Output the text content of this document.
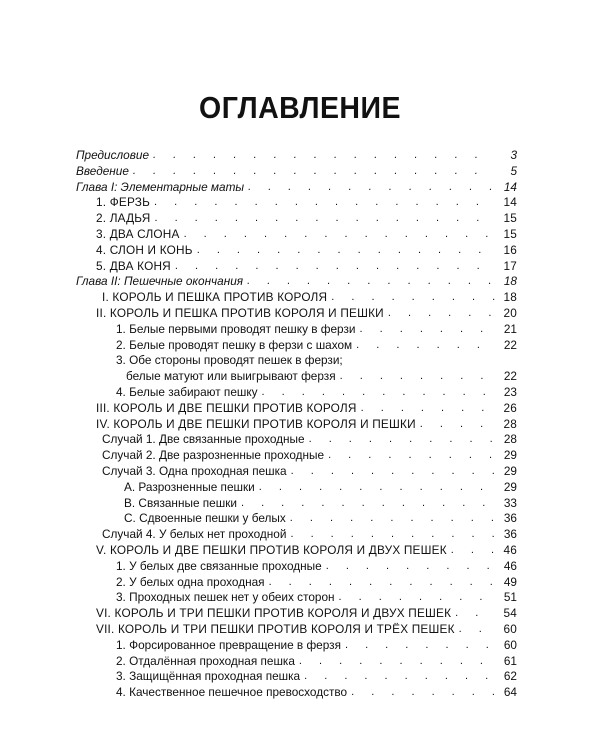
ОГЛАВЛЕНИЕ
Предисловие . . .	3
Введение . . .	5
Глава I: Элементарные маты . . .	14
1. ФЕРЗЬ . . .	14
2. ЛАДЬЯ . . .	15
3. ДВА СЛОНА . . .	15
4. СЛОН И КОНЬ . . .	16
5. ДВА КОНЯ . . .	17
Глава II: Пешечные окончания . . .	18
I. КОРОЛЬ И ПЕШКА ПРОТИВ КОРОЛЯ . . .	18
II. КОРОЛЬ И ПЕШКА ПРОТИВ КОРОЛЯ И ПЕШКИ . . .	20
1. Белые первыми проводят пешку в ферзи . . .	21
2. Белые проводят пешку в ферзи с шахом . . .	22
3. Обе стороны проводят пешек в ферзи;
белые матуют или выигрывают ферзя . . .	22
4. Белые забирают пешку . . .	23
III. КОРОЛЬ И ДВЕ ПЕШКИ ПРОТИВ КОРОЛЯ . . .	26
IV. КОРОЛЬ И ДВЕ ПЕШКИ ПРОТИВ КОРОЛЯ И ПЕШКИ . . .	28
Случай 1. Две связанные проходные . . .	28
Случай 2. Две разрозненные проходные . . .	29
Случай 3. Одна проходная пешка . . .	29
А. Разрозненные пешки . . .	29
В. Связанные пешки . . .	33
С. Сдвоенные пешки у белых . . .	36
Случай 4. У белых нет проходной . . .	36
V. КОРОЛЬ И ДВЕ ПЕШКИ ПРОТИВ КОРОЛЯ И ДВУХ ПЕШЕК . . .	46
1. У белых две связанные проходные . . .	46
2. У белых одна проходная . . .	49
3. Проходных пешек нет у обеих сторон . . .	51
VI. КОРОЛЬ И ТРИ ПЕШКИ ПРОТИВ КОРОЛЯ И ДВУХ ПЕШЕК . . .	54
VII. КОРОЛЬ И ТРИ ПЕШКИ ПРОТИВ КОРОЛЯ И ТРЁХ ПЕШЕК . . .	60
1. Форсированное превращение в ферзя . . .	60
2. Отдалённая проходная пешка . . .	61
3. Защищённая проходная пешка . . .	62
4. Качественное пешечное превосходство . . .	64
